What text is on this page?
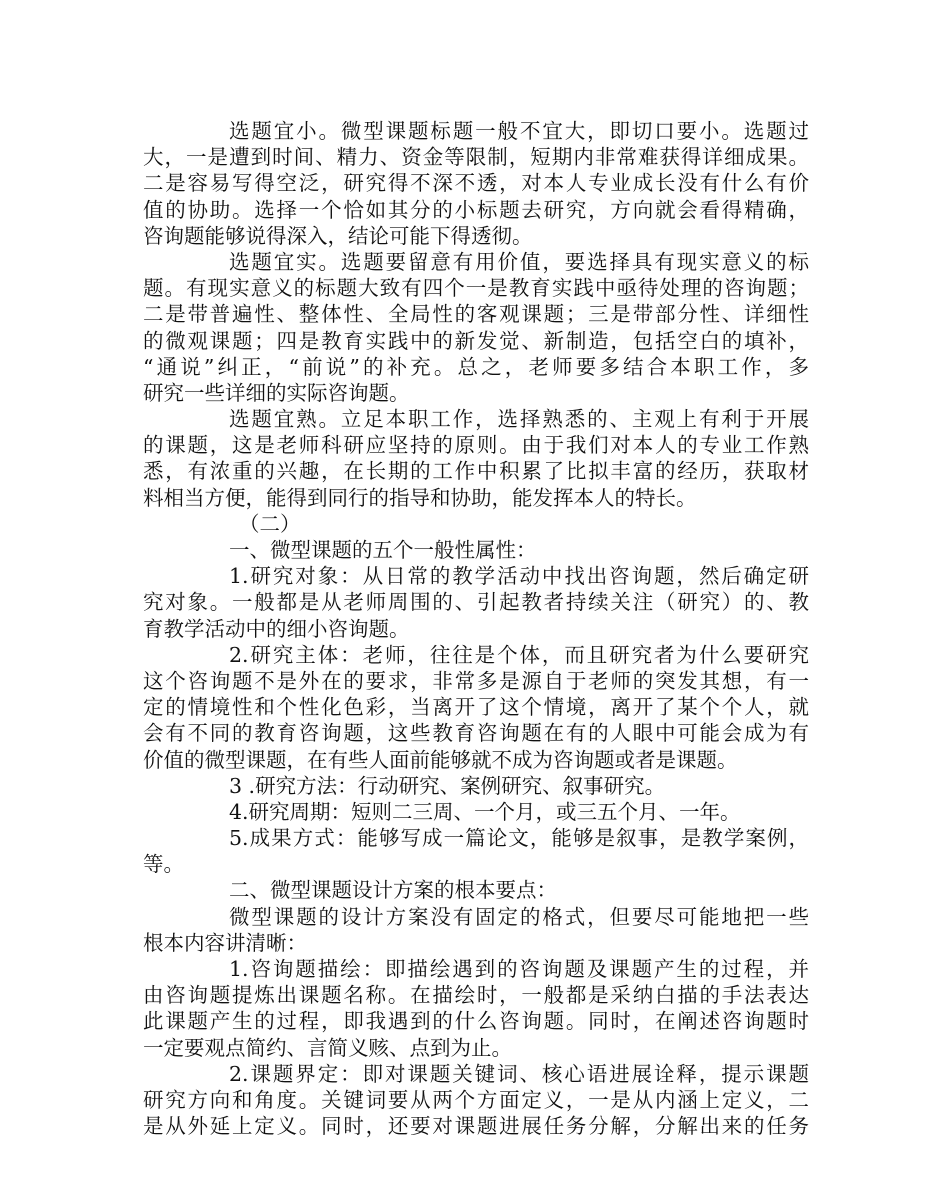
选题宜小。微型课题标题一般不宜大，即切口要小。选题过
大，一是遭到时间、精力、资金等限制，短期内非常难获得详细成果。
二是容易写得空泛，研究得不深不透，对本人专业成长没有什么有价
值的协助。选择一个恰如其分的小标题去研究，方向就会看得精确，
咨询题能够说得深入，结论可能下得透彻。
选题宜实。选题要留意有用价值，要选择具有现实意义的标
题。有现实意义的标题大致有四个一是教育实践中亟待处理的咨询题；
二是带普遍性、整体性、全局性的客观课题；三是带部分性、详细性
的微观课题；四是教育实践中的新发觉、新制造，包括空白的填补，
“通说”纠正，“前说”的补充。总之，老师要多结合本职工作，多
研究一些详细的实际咨询题。
选题宜熟。立足本职工作，选择熟悉的、主观上有利于开展
的课题，这是老师科研应坚持的原则。由于我们对本人的专业工作熟
悉，有浓重的兴趣，在长期的工作中积累了比拟丰富的经历，获取材
料相当方便，能得到同行的指导和协助，能发挥本人的特长。
（二）
一、微型课题的五个一般性属性：
1.研究对象：从日常的教学活动中找出咨询题，然后确定研
究对象。一般都是从老师周围的、引起教者持续关注（研究）的、教
育教学活动中的细小咨询题。
2.研究主体：老师，往往是个体，而且研究者为什么要研究
这个咨询题不是外在的要求，非常多是源自于老师的突发其想，有一
定的情境性和个性化色彩，当离开了这个情境，离开了某个个人，就
会有不同的教育咨询题，这些教育咨询题在有的人眼中可能会成为有
价值的微型课题，在有些人面前能够就不成为咨询题或者是课题。
3 .研究方法：行动研究、案例研究、叙事研究。
4.研究周期：短则二三周、一个月，或三五个月、一年。
5.成果方式：能够写成一篇论文，能够是叙事，是教学案例，
等。
二、微型课题设计方案的根本要点：
微型课题的设计方案没有固定的格式，但要尽可能地把一些
根本内容讲清晰：
1.咨询题描绘：即描绘遇到的咨询题及课题产生的过程，并
由咨询题提炼出课题名称。在描绘时，一般都是采纳白描的手法表达
此课题产生的过程，即我遇到的什么咨询题。同时，在阐述咨询题时
一定要观点简约、言简义赅、点到为止。
2.课题界定：即对课题关键词、核心语进展诠释，提示课题
研究方向和角度。关键词要从两个方面定义，一是从内涵上定义，二
是从外延上定义。同时，还要对课题进展任务分解，分解出来的任务
